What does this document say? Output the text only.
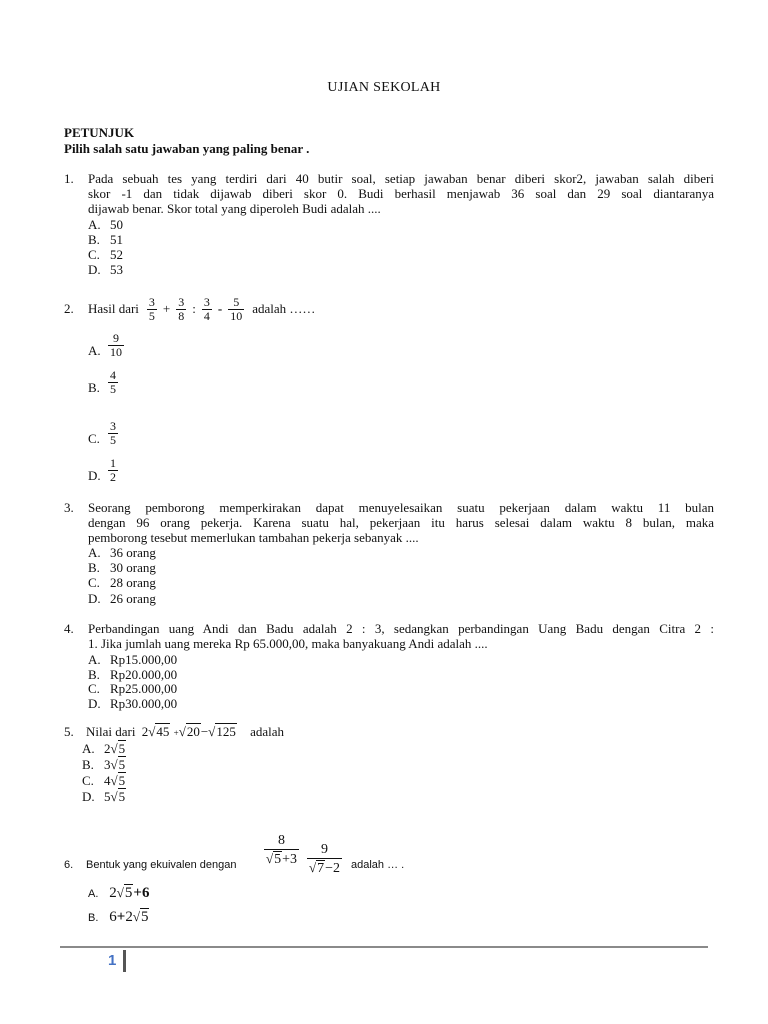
UJIAN SEKOLAH
PETUNJUK
Pilih salah satu jawaban yang paling benar .
1. Pada sebuah tes yang terdiri dari 40 butir soal, setiap jawaban benar diberi skor2, jawaban salah diberi
skor -1 dan tidak dijawab diberi skor 0. Budi berhasil menjawab 36 soal dan 29 soal diantaranya
dijawab benar. Skor total yang diperoleh Budi adalah ....
A. 50
B. 51
C. 52
D. 53
2.	Hasil dari $\frac{3}{5} + \frac{3}{8}$ : $\frac{3}{4} - \frac{5}{10}$ adalah ……
A. $\frac{9}{10}$
B. $\frac{4}{5}$
C. $\frac{3}{5}$
D. $\frac{1}{2}$
3. Seorang pemborong memperkirakan dapat menuyelesaikan suatu pekerjaan dalam waktu 11 bulan
dengan 96 orang pekerja. Karena suatu hal, pekerjaan itu harus selesai dalam waktu 8 bulan, maka
pemborong tesebut memerlukan tambahan pekerja sebanyak ....
A. 36 orang
B. 30 orang
C. 28 orang
D. 26 orang
4. Perbandingan uang Andi dan Badu adalah 2 : 3, sedangkan perbandingan Uang Badu dengan Citra 2 :
1. Jika jumlah uang mereka Rp 65.000,00, maka banyakuang Andi adalah ....
A. Rp15.000,00
B. Rp20.000,00
C. Rp25.000,00
D. Rp30.000,00
5. Nilai dari 2√45 +√20−√125 adalah
A. 2√5
B. 3√5
C. 4√5
D. 5√5
6. Bentuk yang ekuivalen dengan
8
√5+3
9
√7−2 adalah … .
A. 2√5+6
B. 6+2√5
1
